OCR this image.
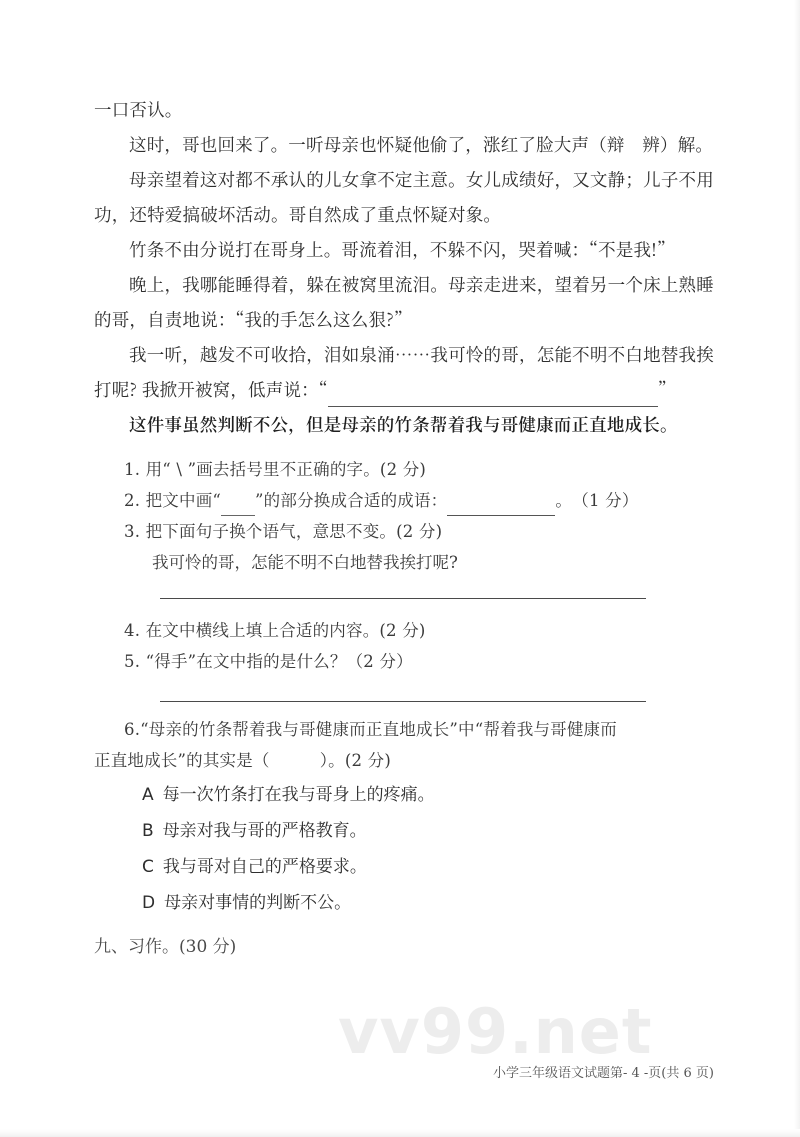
vv99.net

一口否认。

这时，哥也回来了。一听母亲也怀疑他偷了，涨红了脸大声（辩　辨）解。

母亲望着这对都不承认的儿女拿不定主意。女儿成绩好，又文静；儿子不用功，还特爱搞破坏活动。哥自然成了重点怀疑对象。

竹条不由分说打在哥身上。哥流着泪，不躲不闪，哭着喊：“不是我!”

晚上，我哪能睡得着，躲在被窝里流泪。母亲走进来，望着另一个床上熟睡的哥，自责地说：“我的手怎么这么狠?”

我一听，越发不可收拾，泪如泉涌……我可怜的哥，怎能不明不白地替我挨打呢? 我掀开被窝，低声说：“	”

这件事虽然判断不公，但是母亲的竹条帮着我与哥健康而正直地成长。

1. 用“ \ ”画去括号里不正确的字。(2 分)

2. 把文中画“ ”的部分换成合适的成语：	。　（1 分）

3. 把下面句子换个语气，意思不变。(2 分)

我可怜的哥，怎能不明不白地替我挨打呢?

4. 在文中横线上填上合适的内容。(2 分)

5. “得手”在文中指的是什么？（2 分）

6.“母亲的竹条帮着我与哥健康而正直地成长”中“帮着我与哥健康而

正直地成长”的其实是（　　　）。(2 分)

A 每一次竹条打在我与哥身上的疼痛。

B 母亲对我与哥的严格教育。

C 我与哥对自己的严格要求。

D 母亲对事情的判断不公。

九、习作。(30 分)

小学三年级语文试题第- 4 -页(共 6 页)
